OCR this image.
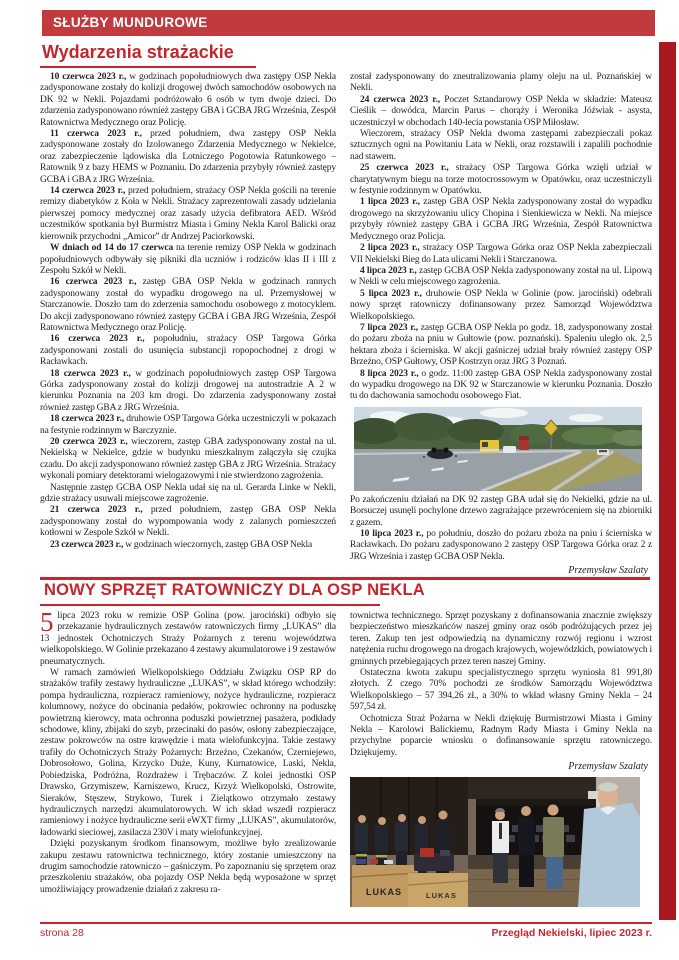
SŁUŻBY MUNDUROWE
Wydarzenia strażackie

10 czerwca 2023 r., w godzinach popołudniowych dwa zastępy OSP Nekla zadysponowane zostały do kolizji drogowej dwóch samochodów osobowych na DK 92 w Nekli. Pojazdami podróżowało 6 osób w tym dwoje dzieci. Do zdarzenia zadysponowano również zastępy GBA i GCBA JRG Września, Zespół Ratownictwa Medycznego oraz Policję.

11 czerwca 2023 r., przed południem, dwa zastępy OSP Nekla zadysponowane zostały do Izolowanego Zdarzenia Medycznego w Nekielce, oraz zabezpieczenie lądowiska dla Lotniczego Pogotowia Ratunkowego – Ratownik 9 z bazy HEMS w Poznaniu. Do zdarzenia przybyły również zastępy GCBA i GBA z JRG Września.

14 czerwca 2023 r., przed południem, strażacy OSP Nekla gościli na terenie remizy diabetyków z Koła w Nekli. Strażacy zaprezentowali zasady udzielania pierwszej pomocy medycznej oraz zasady użycia defibratora AED. Wśród uczestników spotkania był Burmistrz Miasta i Gminy Nekla Karol Balicki oraz kierownik przychodni „Amicor” dr Andrzej Paciorkowski.

W dniach od 14 do 17 czerwca na terenie remizy OSP Nekla w godzinach popołudniowych odbywały się pikniki dla uczniów i rodziców klas II i III z Zespołu Szkół w Nekli.

16 czerwca 2023 r., zastęp GBA OSP Nekla w godzinach rannych zadysponowany został do wypadku drogowego na ul. Przemysłowej w Starczanowie. Doszło tam do zderzenia samochodu osobowego z motocyklem. Do akcji zadysponowano również zastępy GCBA i GBA JRG Września, Zespół Ratownictwa Medycznego oraz Policję.

16 czerwca 2023 r., popołudniu, strażacy OSP Targowa Górka zadysponowani zostali do usunięcia substancji ropopochodnej z drogi w Racławkach.

18 czerwca 2023 r., w godzinach popołudniowych zastęp OSP Targowa Górka zadysponowany został do kolizji drogowej na autostradzie A 2 w kierunku Poznania na 203 km drogi. Do zdarzenia zadysponowany został również zastęp GBA z JRG Września.

18 czerwca 2023 r., druhowie OSP Targowa Górka uczestniczyli w pokazach na festynie rodzinnym w Barczyznie.

20 czerwca 2023 r., wieczorem, zastęp GBA zadysponowany został na ul. Nekielską w Nekielce, gdzie w budynku mieszkalnym załączyła się czujka czadu. Do akcji zadysponowano również zastęp GBA z JRG Września. Strażacy wykonali pomiary detektorami wielogazowymi i nie stwierdzono zagrożenia.

Następnie zastęp GCBA OSP Nekla udał się na ul. Gerarda Linke w Nekli, gdzie strażacy usuwali miejscowe zagrożenie.

21 czerwca 2023 r., przed południem, zastęp GBA OSP Nekla zadysponowany został do wypompowania wody z zalanych pomieszczeń kotłowni w Zespole Szkół w Nekli.

23 czerwca 2023 r., w godzinach wieczornych, zastęp GBA OSP Nekla

został zadysponowany do zneutralizowania plamy oleju na ul. Poznańskiej w Nekli.

24 czerwca 2023 r., Poczet Sztandarowy OSP Nekla w składzie: Mateusz Cieślik – dowódca, Marcin Parus – chorąży i Weronika Jóźwiak - asysta, uczestniczył w obchodach 140-lecia powstania OSP Miłosław.

Wieczorem, strażacy OSP Nekla dwoma zastępami zabezpieczali pokaz sztucznych ogni na Powitaniu Lata w Nekli, oraz rozstawili i zapalili pochodnie nad stawem.

25 czerwca 2023 r., strażacy OSP Targowa Górka wzięli udział w charytatywnym biegu na torze motocrossowym w Opatówku, oraz uczestniczyli w festynie rodzinnym w Opatówku.

1 lipca 2023 r., zastęp GBA OSP Nekla zadysponowany został do wypadku drogowego na skrzyżowaniu ulicy Chopina i Sienkiewicza w Nekli. Na miejsce przybyły również zastępy GBA i GCBA JRG Września, Zespół Ratownictwa Medycznego oraz Policja.

2 lipca 2023 r., strażacy OSP Targowa Górka oraz OSP Nekla zabezpieczali VII Nekielski Bieg do Lata ulicami Nekli i Starczanowa.

4 lipca 2023 r., zastęp GCBA OSP Nekla zadysponowany został na ul. Lipową w Nekli w celu miejscowego zagrożenia.

5 lipca 2023 r., druhowie OSP Nekla w Golinie (pow. jarociński) odebrali nowy sprzęt ratowniczy dofinansowany przez Samorząd Województwa Wielkopolskiego.

7 lipca 2023 r., zastęp GCBA OSP Nekla po godz. 18, zadysponowany został do pożaru zboża na pniu w Gułtowie (pow. poznański). Spaleniu uległo ok. 2,5 hektara zboża i ścierniska. W akcji gaśniczej udział brały również zastępy OSP Brzeźno, OSP Gułtowy, OSP Kostrzyn oraz JRG 3 Poznań.

8 lipca 2023 r., o godz. 11:00 zastęp GBA OSP Nekla zadysponowany został do wypadku drogowego na DK 92 w Starczanowie w kierunku Poznania. Doszło tu do dachowania samochodu osobowego Fiat.

Po zakończeniu działań na DK 92 zastęp GBA udał się do Nekielki, gdzie na ul. Borsuczej usunęli pochylone drzewo zagrażające przewróceniem się na zbiorniki z gazem.

10 lipca 2023 r., po południu, doszło do pożaru zboża na pniu i ścierniska w Racławkach. Do pożaru zadysponowano 2 zastępy OSP Targowa Górka oraz 2 z JRG Września i zastęp GCBA OSP Nekla.

Przemysław Szalaty

NOWY SPRZĘT RATOWNICZY DLA OSP NEKLA

5 lipca 2023 roku w remizie OSP Golina (pow. jarociński) odbyło się przekazanie hydraulicznych zestawów ratowniczych firmy „LUKAS” dla 13 jednostek Ochotniczych Straży Pożarnych z terenu województwa wielkopolskiego. W Golinie przekazano 4 zestawy akumulatorowe i 9 zestawów pneumatycznych.

W ramach zamówień Wielkopolskiego Oddziału Związku OSP RP do strażaków trafiły zestawy hydrauliczne „LUKAS”, w skład którego wchodziły: pompa hydrauliczna, rozpieracz ramieniowy, nożyce hydrauliczne, rozpieracz kolumnowy, nożyce do obcinania pedałów, pokrowiec ochronny na poduszkę powietrzną kierowcy, mata ochronna poduszki powietrznej pasażera, podkłady schodowe, kliny, zbijaki do szyb, przecinaki do pasów, osłony zabezpieczające, zestaw pokrowców na ostre krawędzie i mata wielofunkcyjna. Takie zestawy trafiły do Ochotniczych Straży Pożarnych: Brzeźno, Czekanów, Czerniejewo, Dobrosołowo, Golina, Krzycko Duże, Kuny, Kurnatowice, Laski, Nekla, Pobiedziska, Podróżna, Rozdrażew i Trębaczów. Z kolei jednostki OSP Drawsko, Grzymiszew, Karniszewo, Krucz, Krzyż Wielkopolski, Ostrowite, Sieraków, Stęszew, Strykowo, Turek i Zielątkowo otrzymało zestawy hydraulicznych narzędzi akumulatorowych. W ich skład wszedł rozpieracz ramieniowy i nożyce hydrauliczne serii eWXT firmy „LUKAS”, akumulatorów, ładowarki sieciowej, zasilacza 230V i maty wielofunkcyjnej.

Dzięki pozyskanym środkom finansowym, możliwe było zrealizowanie zakupu zestawu ratownictwa technicznego, który zostanie umieszczony na drugim samochodzie ratowniczo – gaśniczym. Po zapoznaniu się sprzętem oraz przeszkoleniu strażaków, oba pojazdy OSP Nekla będą wyposażone w sprzęt umożliwiający prowadzenie działań z zakresu ra-

townictwa technicznego. Sprzęt pozyskany z dofinansowania znacznie zwiększy bezpieczeństwo mieszkańców naszej gminy oraz osób podróżujących przez jej teren. Zakup ten jest odpowiedzią na dynamiczny rozwój regionu i wzrost natężenia ruchu drogowego na drogach krajowych, wojewódzkich, powiatowych i gminnych przebiegających przez teren naszej Gminy.

Ostateczna kwota zakupu specjalistycznego sprzętu wyniosła 81 991,80 złotych. Z czego 70% pochodzi ze środków Samorządu Województwa Wielkopolskiego – 57 394,26 zł., a 30% to wkład własny Gminy Nekla – 24 597,54 zł.

Ochotnicza Straż Pożarna w Nekli dziękuję Burmistrzowi Miasta i Gminy Nekla – Karolowi Balickiemu, Radnym Rady Miasta i Gminy Nekla na przychylne poparcie wniosku o dofinansowanie sprzętu ratowniczego. Dziękujemy.

Przemysław Szalaty

LUKAS	LUKAS
strona 28	Przegląd Nekielski, lipiec 2023 r.
